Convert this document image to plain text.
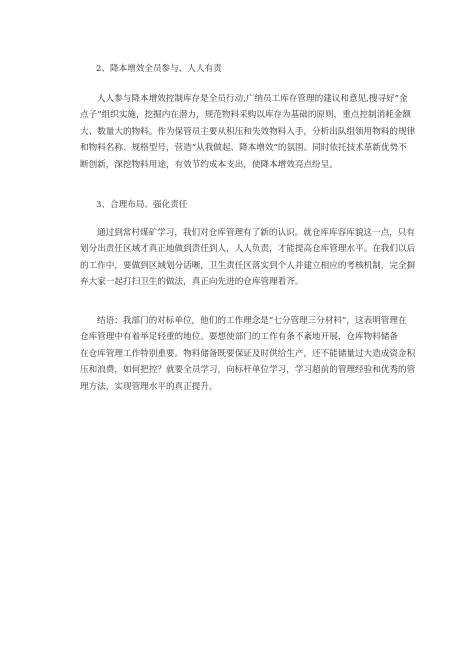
2、降本增效全员参与、人人有责
人人参与降本增效控制库存是全员行动,广纳员工库存管理的建议和意见,搜寻好”金
点子”组织实施，挖掘内在潜力，规范物料采购以库存为基础的原则，重点控制消耗金额
大、数量大的物料。作为保管员主要从积压和失效物料入手，分析出队组领用物料的规律
和物料名称、规格型号，营造“从我做起、降本增效”的氛围。同时依托技术革新优势不
断创新，深挖物料用途，有效节约成本支出，使降本增效亮点纷呈。
3、合理布局、强化责任
通过到常村煤矿学习，我们对仓库管理有了新的认识。就仓库库容库貌这一点，只有
划分出责任区域才真正地做到责任到人，人人负责，才能提高仓库管理水平。在我们以后
的工作中，要做到区域划分话晰，卫生责任区落实到个人并建立相应的考核机制，完全摒
弃大家一起打扫卫生的做法，真正向先进的仓库管理看齐。
结语：我部门的对标单位，他们的工作理念是“七分管理三分材料”，这表明管理在
仓库管理中有着举足轻重的地位。要想使部门的工作有条不紊地开展，仓库物料储备
在仓库管理工作特别重要。物料储备既要保证及时供给生产，还不能储量过大造成资金积
压和浪费，如何把控？就要全员学习，向标杆单位学习，学习超前的管理经验和优秀的管
理方法，实现管理水平的真正提升。
